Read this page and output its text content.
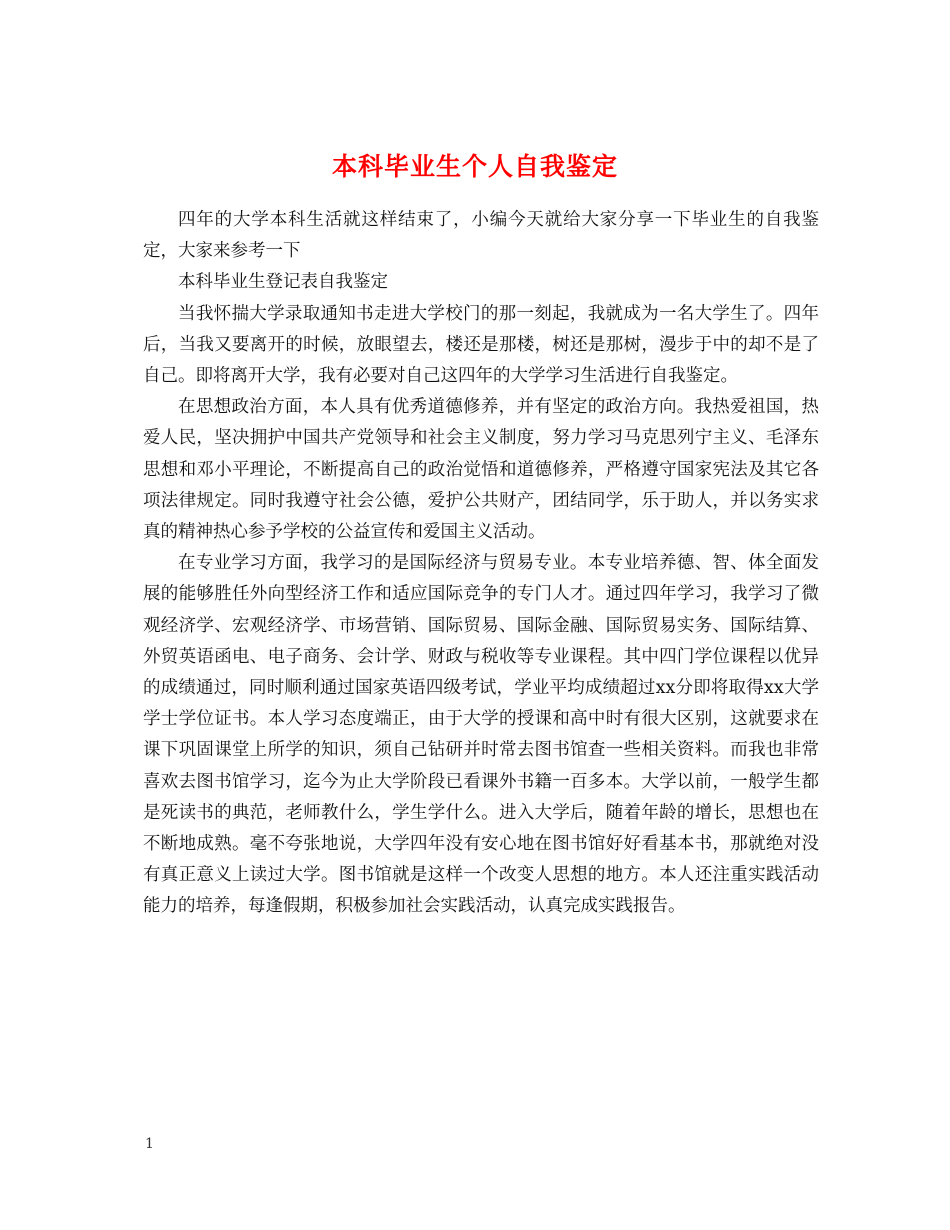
本科毕业生个人自我鉴定

四年的大学本科生活就这样结束了，小编今天就给大家分享一下毕业生的自我鉴定，大家来参考一下

本科毕业生登记表自我鉴定

当我怀揣大学录取通知书走进大学校门的那一刻起，我就成为一名大学生了。四年后，当我又要离开的时候，放眼望去，楼还是那楼，树还是那树，漫步于中的却不是了自己。即将离开大学，我有必要对自己这四年的大学学习生活进行自我鉴定。

在思想政治方面，本人具有优秀道德修养，并有坚定的政治方向。我热爱祖国，热爱人民，坚决拥护中国共产党领导和社会主义制度，努力学习马克思列宁主义、毛泽东思想和邓小平理论，不断提高自己的政治觉悟和道德修养，严格遵守国家宪法及其它各项法律规定。同时我遵守社会公德，爱护公共财产，团结同学，乐于助人，并以务实求真的精神热心参予学校的公益宣传和爱国主义活动。

在专业学习方面，我学习的是国际经济与贸易专业。本专业培养德、智、体全面发展的能够胜任外向型经济工作和适应国际竞争的专门人才。通过四年学习，我学习了微观经济学、宏观经济学、市场营销、国际贸易、国际金融、国际贸易实务、国际结算、外贸英语函电、电子商务、会计学、财政与税收等专业课程。其中四门学位课程以优异的成绩通过，同时顺利通过国家英语四级考试，学业平均成绩超过xx分即将取得xx大学学士学位证书。本人学习态度端正，由于大学的授课和高中时有很大区别，这就要求在课下巩固课堂上所学的知识，须自己钻研并时常去图书馆查一些相关资料。而我也非常喜欢去图书馆学习，迄今为止大学阶段已看课外书籍一百多本。大学以前，一般学生都是死读书的典范，老师教什么，学生学什么。进入大学后，随着年龄的增长，思想也在不断地成熟。毫不夸张地说，大学四年没有安心地在图书馆好好看基本书，那就绝对没有真正意义上读过大学。图书馆就是这样一个改变人思想的地方。本人还注重实践活动能力的培养，每逢假期，积极参加社会实践活动，认真完成实践报告。

1
